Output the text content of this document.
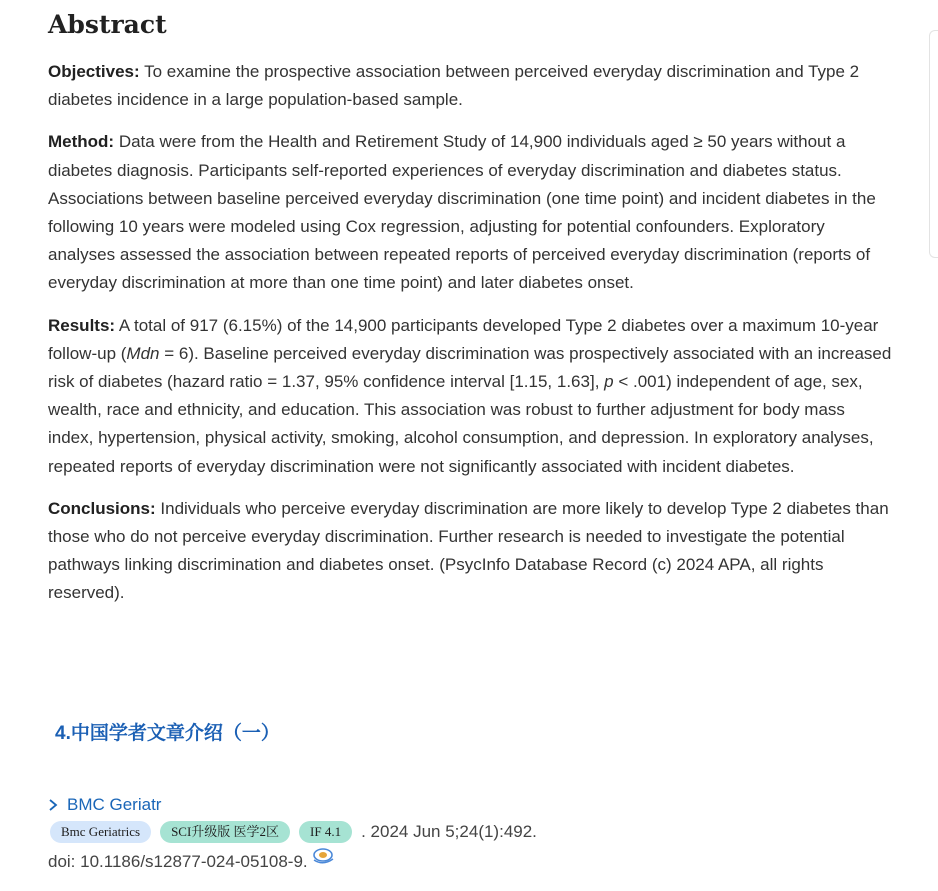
Abstract

Objectives: To examine the prospective association between perceived everyday discrimination and Type 2 diabetes incidence in a large population-based sample.

Method: Data were from the Health and Retirement Study of 14,900 individuals aged ≥ 50 years without a diabetes diagnosis. Participants self-reported experiences of everyday discrimination and diabetes status. Associations between baseline perceived everyday discrimination (one time point) and incident diabetes in the following 10 years were modeled using Cox regression, adjusting for potential confounders. Exploratory analyses assessed the association between repeated reports of perceived everyday discrimination (reports of everyday discrimination at more than one time point) and later diabetes onset.

Results: A total of 917 (6.15%) of the 14,900 participants developed Type 2 diabetes over a maximum 10-year follow-up (Mdn = 6). Baseline perceived everyday discrimination was prospectively associated with an increased risk of diabetes (hazard ratio = 1.37, 95% confidence interval [1.15, 1.63], p < .001) independent of age, sex, wealth, race and ethnicity, and education. This association was robust to further adjustment for body mass index, hypertension, physical activity, smoking, alcohol consumption, and depression. In exploratory analyses, repeated reports of everyday discrimination were not significantly associated with incident diabetes.

Conclusions: Individuals who perceive everyday discrimination are more likely to develop Type 2 diabetes than those who do not perceive everyday discrimination. Further research is needed to investigate the potential pathways linking discrimination and diabetes onset. (PsycInfo Database Record (c) 2024 APA, all rights reserved).

4.中国学者文章介绍（一）
BMC Geriatr
Bmc Geriatrics	SCI升级版 医学2区	IF 4.1	. 2024 Jun 5;24(1):492.
doi: 10.1186/s12877-024-05108-9.
